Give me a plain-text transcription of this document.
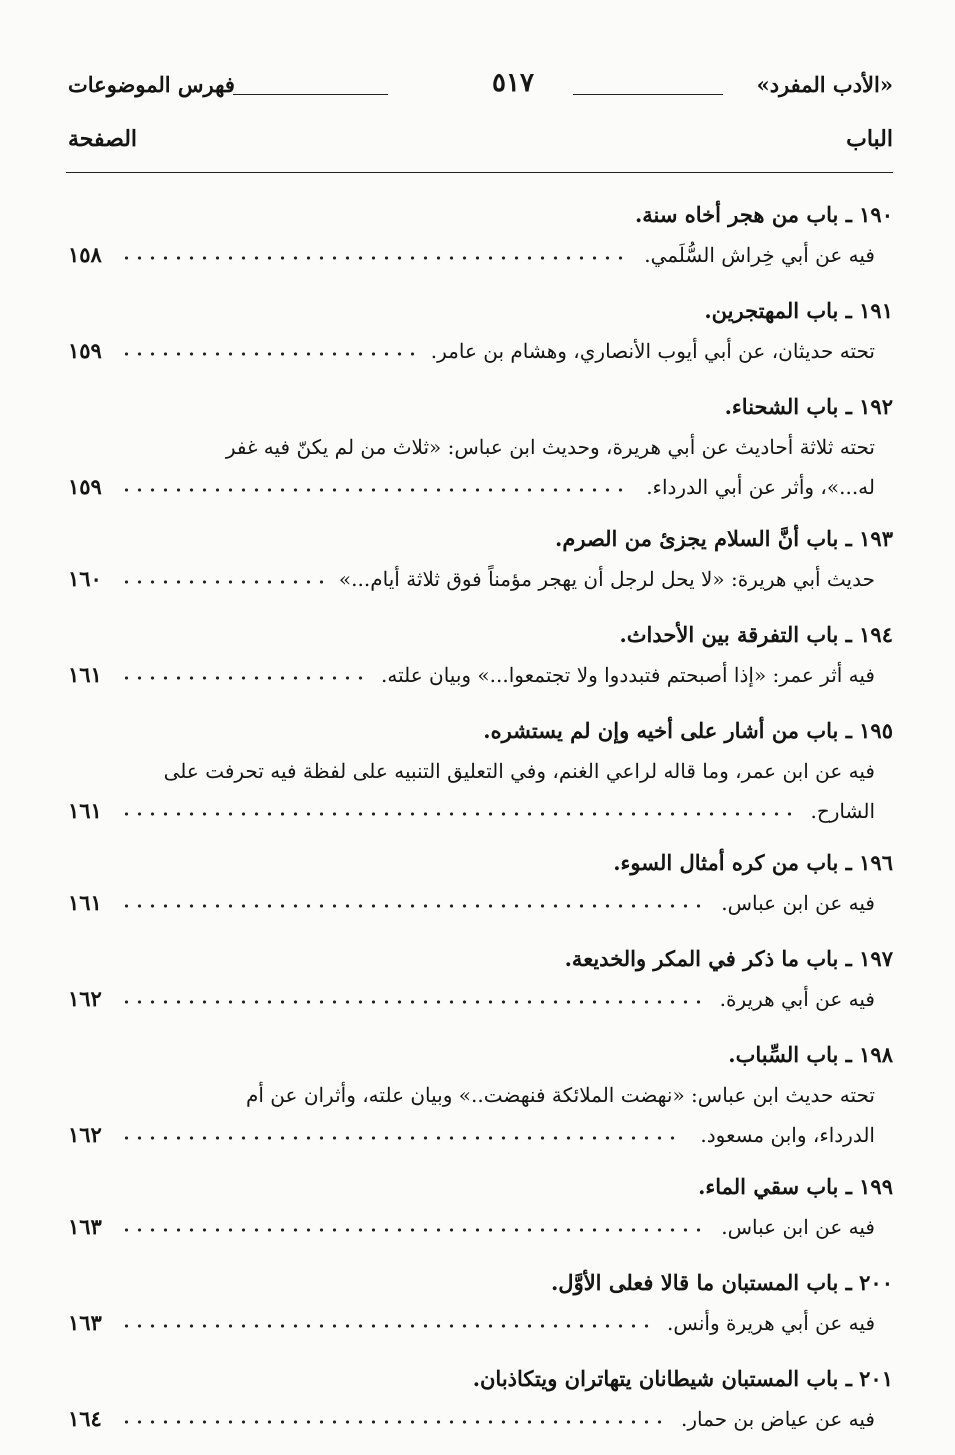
«الأدب المفرد»
٥١٧
فهرس الموضوعات
الباب
الصفحة
١٩٠ ـ باب من هجر أخاه سنة.
فيه عن أبي خِراش السُّلَمي.
١٥٨
١٩١ ـ باب المهتجرين.
تحته حديثان، عن أبي أيوب الأنصاري، وهشام بن عامر.
١٥٩
١٩٢ ـ باب الشحناء.
تحته ثلاثة أحاديث عن أبي هريرة، وحديث ابن عباس: «ثلاث من لم يكنّ فيه غفر
له...»، وأثر عن أبي الدرداء.
١٥٩
١٩٣ ـ باب أنَّ السلام يجزئ من الصرم.
حديث أبي هريرة: «لا يحل لرجل أن يهجر مؤمناً فوق ثلاثة أيام...»
١٦٠
١٩٤ ـ باب التفرقة بين الأحداث.
فيه أثر عمر: «إذا أصبحتم فتبددوا ولا تجتمعوا...» وبيان علته.
١٦١
١٩٥ ـ باب من أشار على أخيه وإن لم يستشره.
فيه عن ابن عمر، وما قاله لراعي الغنم، وفي التعليق التنبيه على لفظة فيه تحرفت على
الشارح.
١٦١
١٩٦ ـ باب من كره أمثال السوء.
فيه عن ابن عباس.
١٦١
١٩٧ ـ باب ما ذكر في المكر والخديعة.
فيه عن أبي هريرة.
١٦٢
١٩٨ ـ باب السِّباب.
تحته حديث ابن عباس: «نهضت الملائكة فنهضت..» وبيان علته، وأثران عن أم
الدرداء، وابن مسعود.
١٦٢
١٩٩ ـ باب سقي الماء.
فيه عن ابن عباس.
١٦٣
٢٠٠ ـ باب المستبان ما قالا فعلى الأوَّل.
فيه عن أبي هريرة وأنس.
١٦٣
٢٠١ ـ باب المستبان شيطانان يتهاتران ويتكاذبان.
فيه عن عياض بن حمار.
١٦٤
